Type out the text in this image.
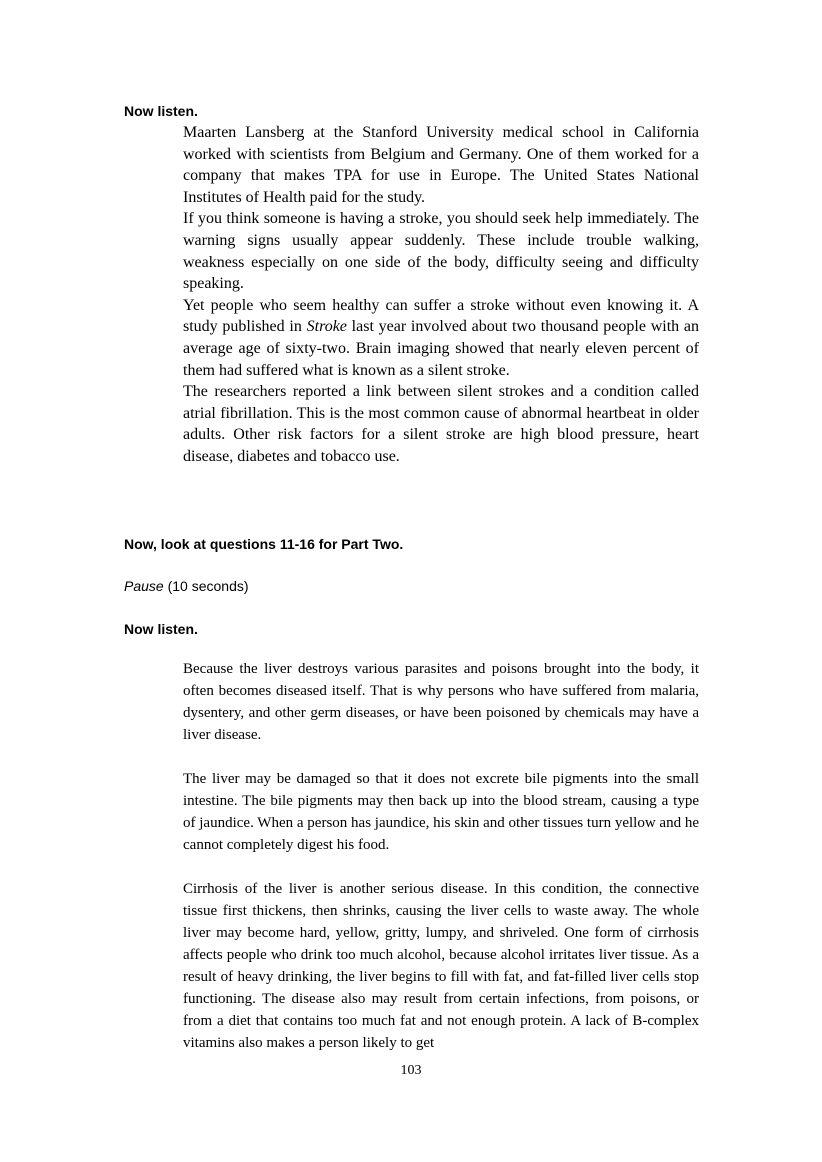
Now listen.

Maarten Lansberg at the Stanford University medical school in California worked with scientists from Belgium and Germany. One of them worked for a company that makes TPA for use in Europe. The United States National Institutes of Health paid for the study.

If you think someone is having a stroke, you should seek help immediately. The warning signs usually appear suddenly. These include trouble walking, weakness especially on one side of the body, difficulty seeing and difficulty speaking.

Yet people who seem healthy can suffer a stroke without even knowing it. A study published in Stroke last year involved about two thousand people with an average age of sixty-two. Brain imaging showed that nearly eleven percent of them had suffered what is known as a silent stroke.

The researchers reported a link between silent strokes and a condition called atrial fibrillation. This is the most common cause of abnormal heartbeat in older adults. Other risk factors for a silent stroke are high blood pressure, heart disease, diabetes and tobacco use.

Now, look at questions 11-16 for Part Two.

Pause (10 seconds)

Now listen.

Because the liver destroys various parasites and poisons brought into the body, it often becomes diseased itself. That is why persons who have suffered from malaria, dysentery, and other germ diseases, or have been poisoned by chemicals may have a liver disease.

The liver may be damaged so that it does not excrete bile pigments into the small intestine. The bile pigments may then back up into the blood stream, causing a type of jaundice. When a person has jaundice, his skin and other tissues turn yellow and he cannot completely digest his food.

Cirrhosis of the liver is another serious disease. In this condition, the connective tissue first thickens, then shrinks, causing the liver cells to waste away. The whole liver may become hard, yellow, gritty, lumpy, and shriveled. One form of cirrhosis affects people who drink too much alcohol, because alcohol irritates liver tissue. As a result of heavy drinking, the liver begins to fill with fat, and fat-filled liver cells stop functioning. The disease also may result from certain infections, from poisons, or from a diet that contains too much fat and not enough protein. A lack of B-complex vitamins also makes a person likely to get

103
